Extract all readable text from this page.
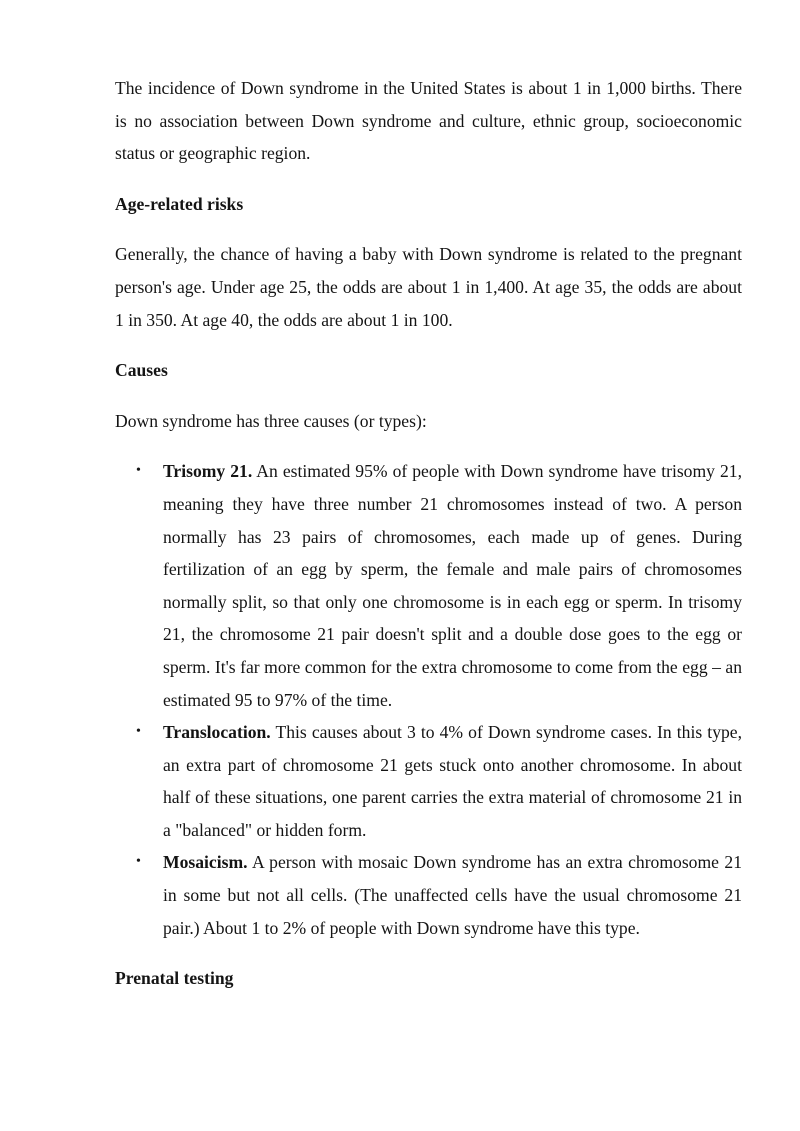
The incidence of Down syndrome in the United States is about 1 in 1,000 births. There is no association between Down syndrome and culture, ethnic group, socioeconomic status or geographic region.

Age-related risks

Generally, the chance of having a baby with Down syndrome is related to the pregnant person's age. Under age 25, the odds are about 1 in 1,400. At age 35, the odds are about 1 in 350. At age 40, the odds are about 1 in 100.

Causes

Down syndrome has three causes (or types):

• Trisomy 21. An estimated 95% of people with Down syndrome have trisomy 21, meaning they have three number 21 chromosomes instead of two. A person normally has 23 pairs of chromosomes, each made up of genes. During fertilization of an egg by sperm, the female and male pairs of chromosomes normally split, so that only one chromosome is in each egg or sperm. In trisomy 21, the chromosome 21 pair doesn't split and a double dose goes to the egg or sperm. It's far more common for the extra chromosome to come from the egg – an estimated 95 to 97% of the time.
• Translocation. This causes about 3 to 4% of Down syndrome cases. In this type, an extra part of chromosome 21 gets stuck onto another chromosome. In about half of these situations, one parent carries the extra material of chromosome 21 in a "balanced" or hidden form.
• Mosaicism. A person with mosaic Down syndrome has an extra chromosome 21 in some but not all cells. (The unaffected cells have the usual chromosome 21 pair.) About 1 to 2% of people with Down syndrome have this type.

Prenatal testing
